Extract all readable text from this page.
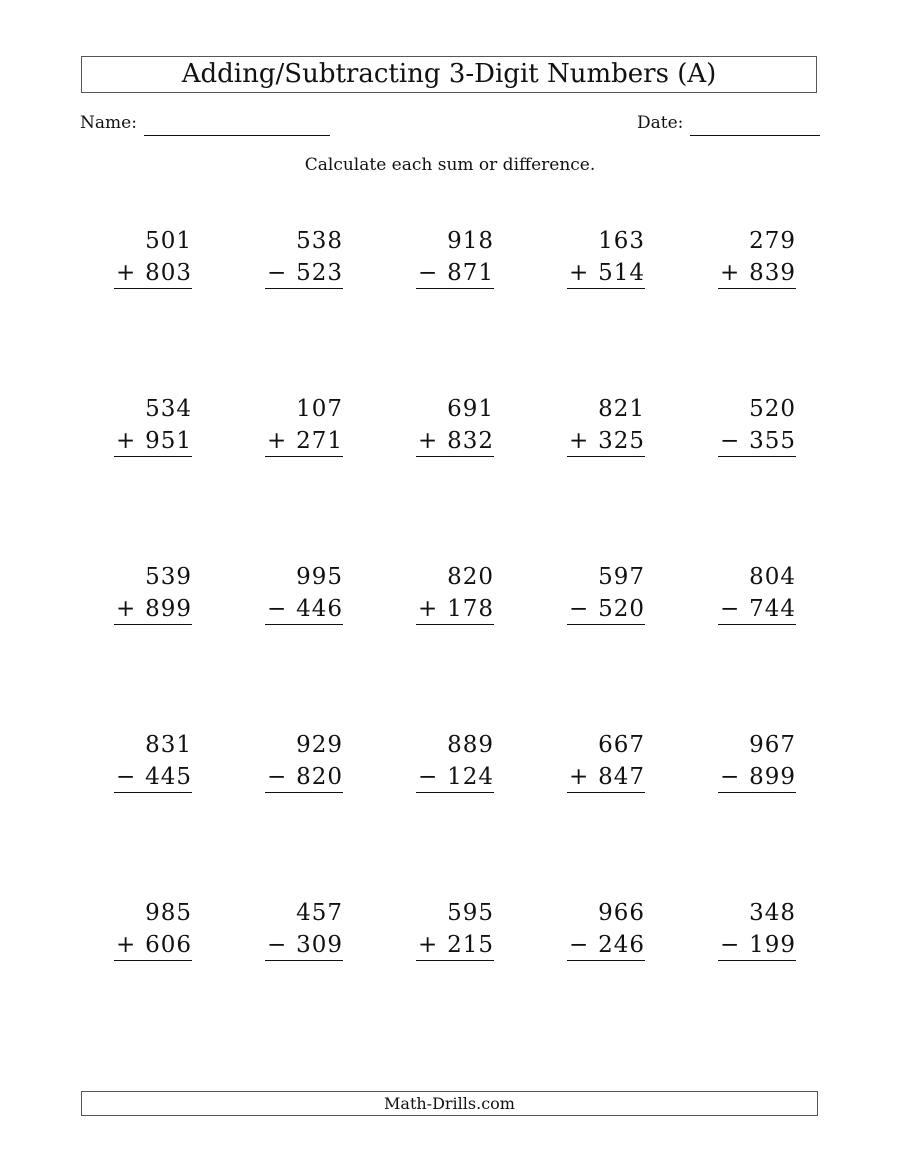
Adding/Subtracting 3-Digit Numbers (A)
Name:	Date:
Calculate each sum or difference.
501
+ 803
538
− 523
918
− 871
163
+ 514
279
+ 839
534
+ 951
107
+ 271
691
+ 832
821
+ 325
520
− 355
539
+ 899
995
− 446
820
+ 178
597
− 520
804
− 744
831
− 445
929
− 820
889
− 124
667
+ 847
967
− 899
985
+ 606
457
− 309
595
+ 215
966
− 246
348
− 199
Math-Drills.com
